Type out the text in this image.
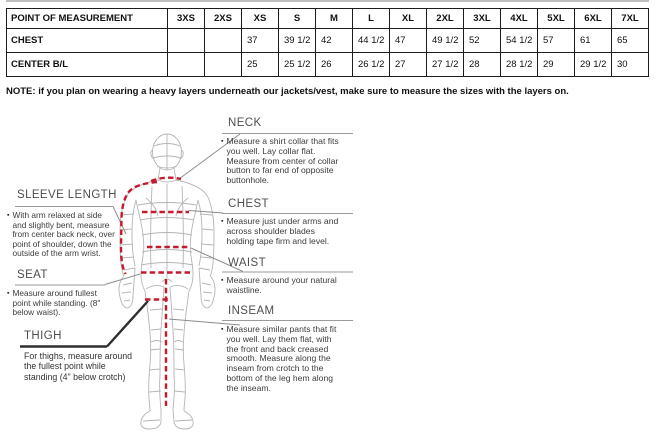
POINT OF MEASUREMENT	3XS	2XS	XS	S	M	L	XL	2XL	3XL	4XL	5XL	6XL	7XL
CHEST			37	39 1/2	42	44 1/2	47	49 1/2	52	54 1/2	57	61	65
CENTER B/L			25	25 1/2	26	26 1/2	27	27 1/2	28	28 1/2	29	29 1/2	30
NOTE: if you plan on wearing a heavy layers underneath our jackets/vest, make sure to measure the sizes with the layers on.
NECK
▪ Measure a shirt collar that fits you well. Lay collar flat. Measure from center of collar button to far end of opposite buttonhole.
CHEST
▪ Measure just under arms and across shoulder blades holding tape firm and level.
WAIST
▪ Measure around your natural waistline.
INSEAM
▪ Measure similar pants that fit you well. Lay them flat, with the front and back creased smooth. Measure along the inseam from crotch to the bottom of the leg hem along the inseam.
SLEEVE LENGTH
▪ With arm relaxed at side and slightly bent, measure from center back neck, over point of shoulder, down the outside of the arm wrist.
SEAT
▪ Measure around fullest point while standing. (8" below waist).
THIGH
For thighs, measure around the fullest point while standing (4" below crotch)
